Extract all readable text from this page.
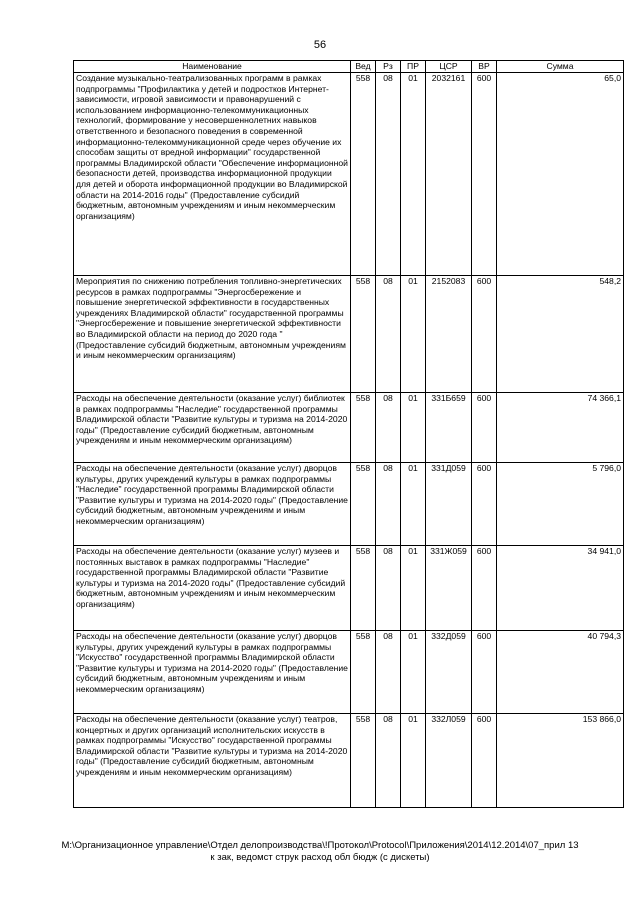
56
Наименование	Вед	Рз	ПР	ЦСР	ВР	Сумма
Создание музыкально-театрализованных программ в рамках подпрограммы "Профилактика у детей и подростков Интернет-зависимости, игровой зависимости и правонарушений с использованием информационно-телекоммуникационных технологий, формирование у несовершеннолетних навыков ответственного и безопасного поведения в современной информационно-телекоммуникационной среде через обучение их способам защиты от вредной информации" государственной программы Владимирской области "Обеспечение информационной безопасности детей, производства информационной продукции для детей и оборота информационной продукции во Владимирской области на 2014-2016 годы" (Предоставление субсидий бюджетным, автономным учреждениям и иным некоммерческим организациям)	558	08	01	2032161	600	65,0
Мероприятия по снижению потребления топливно-энергетических ресурсов в рамках подпрограммы "Энергосбережение и повышение энергетической эффективности в государственных учреждениях Владимирской области" государственной программы "Энергосбережение и повышение энергетической эффективности во Владимирской области на период до 2020 года " (Предоставление субсидий бюджетным, автономным учреждениям и иным некоммерческим организациям)	558	08	01	2152083	600	548,2
Расходы на обеспечение деятельности (оказание услуг) библиотек в рамках подпрограммы "Наследие" государственной программы Владимирской области "Развитие культуры и туризма на 2014-2020 годы" (Предоставление субсидий бюджетным, автономным учреждениям и иным некоммерческим организациям)	558	08	01	331Б659	600	74 366,1
Расходы на обеспечение деятельности (оказание услуг) дворцов культуры, других учреждений культуры в рамках подпрограммы "Наследие" государственной программы Владимирской области "Развитие культуры и туризма на 2014-2020 годы" (Предоставление субсидий бюджетным, автономным учреждениям и иным некоммерческим организациям)	558	08	01	331Д059	600	5 796,0
Расходы на обеспечение деятельности (оказание услуг) музеев и постоянных выставок в рамках подпрограммы "Наследие" государственной программы Владимирской области "Развитие культуры и туризма на 2014-2020 годы" (Предоставление субсидий бюджетным, автономным учреждениям и иным некоммерческим организациям)	558	08	01	331Ж059	600	34 941,0
Расходы на обеспечение деятельности (оказание услуг) дворцов культуры, других учреждений культуры в рамках подпрограммы "Искусство" государственной программы Владимирской области "Развитие культуры и туризма на 2014-2020 годы" (Предоставление субсидий бюджетным, автономным учреждениям и иным некоммерческим организациям)	558	08	01	332Д059	600	40 794,3
Расходы на обеспечение деятельности (оказание услуг) театров, концертных и других организаций исполнительских искусств в рамках подпрограммы "Искусство" государственной программы Владимирской области "Развитие культуры и туризма на 2014-2020 годы" (Предоставление субсидий бюджетным, автономным учреждениям и иным некоммерческим организациям)	558	08	01	332Л059	600	153 866,0
M:\Организационное управление\Отдел делопроизводства\!Протокол\Protocol\Приложения\2014\12.2014\07_прил 13
к зак, ведомст струк расход обл бюдж (с дискеты)
